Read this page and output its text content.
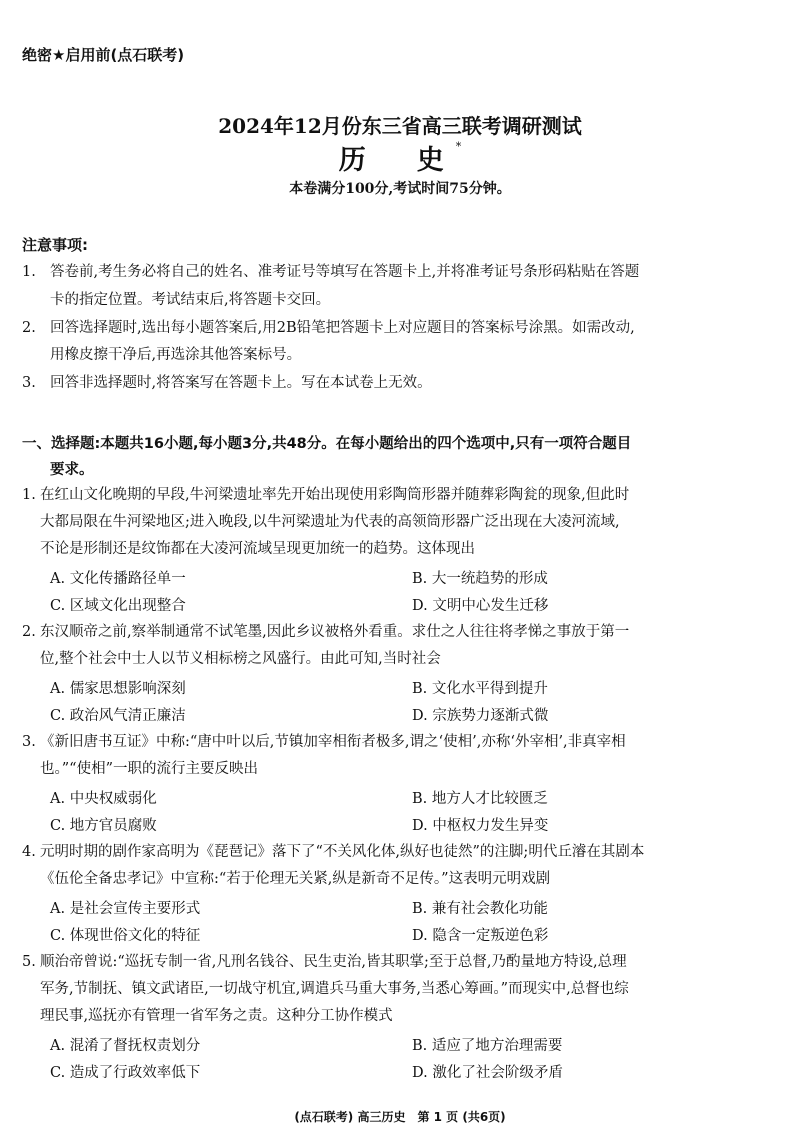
绝密★启用前(点石联考)
2024年12月份东三省高三联考调研测试
历　史*
本卷满分100分,考试时间75分钟。
注意事项:
1. 答卷前,考生务必将自己的姓名、准考证号等填写在答题卡上,并将准考证号条形码粘贴在答题
卡的指定位置。考试结束后,将答题卡交回。
2. 回答选择题时,选出每小题答案后,用2B铅笔把答题卡上对应题目的答案标号涂黑。如需改动,
用橡皮擦干净后,再选涂其他答案标号。
3. 回答非选择题时,将答案写在答题卡上。写在本试卷上无效。
一、选择题:本题共16小题,每小题3分,共48分。在每小题给出的四个选项中,只有一项符合题目
要求。
1. 在红山文化晚期的早段,牛河梁遗址率先开始出现使用彩陶筒形器并随葬彩陶瓮的现象,但此时
大都局限在牛河梁地区;进入晚段,以牛河梁遗址为代表的高领筒形器广泛出现在大凌河流域,
不论是形制还是纹饰都在大凌河流域呈现更加统一的趋势。这体现出
A. 文化传播路径单一	B. 大一统趋势的形成
C. 区域文化出现整合	D. 文明中心发生迁移
2. 东汉顺帝之前,察举制通常不试笔墨,因此乡议被格外看重。求仕之人往往将孝悌之事放于第一
位,整个社会中士人以节义相标榜之风盛行。由此可知,当时社会
A. 儒家思想影响深刻	B. 文化水平得到提升
C. 政治风气清正廉洁	D. 宗族势力逐渐式微
3. 《新旧唐书互证》中称:“唐中叶以后,节镇加宰相衔者极多,谓之‘使相’,亦称‘外宰相’,非真宰相
也。”“使相”一职的流行主要反映出
A. 中央权威弱化	B. 地方人才比较匮乏
C. 地方官员腐败	D. 中枢权力发生异变
4. 元明时期的剧作家高明为《琵琶记》落下了“不关风化体,纵好也徒然”的注脚;明代丘濬在其剧本
《伍伦全备忠孝记》中宣称:“若于伦理无关紧,纵是新奇不足传。”这表明元明戏剧
A. 是社会宣传主要形式	B. 兼有社会教化功能
C. 体现世俗文化的特征	D. 隐含一定叛逆色彩
5. 顺治帝曾说:“巡抚专制一省,凡刑名钱谷、民生吏治,皆其职掌;至于总督,乃酌量地方特设,总理
军务,节制抚、镇文武诸臣,一切战守机宜,调遣兵马重大事务,当悉心筹画。”而现实中,总督也综
理民事,巡抚亦有管理一省军务之责。这种分工协作模式
A. 混淆了督抚权责划分	B. 适应了地方治理需要
C. 造成了行政效率低下	D. 激化了社会阶级矛盾
(点石联考) 高三历史　第 1 页 (共6页)
